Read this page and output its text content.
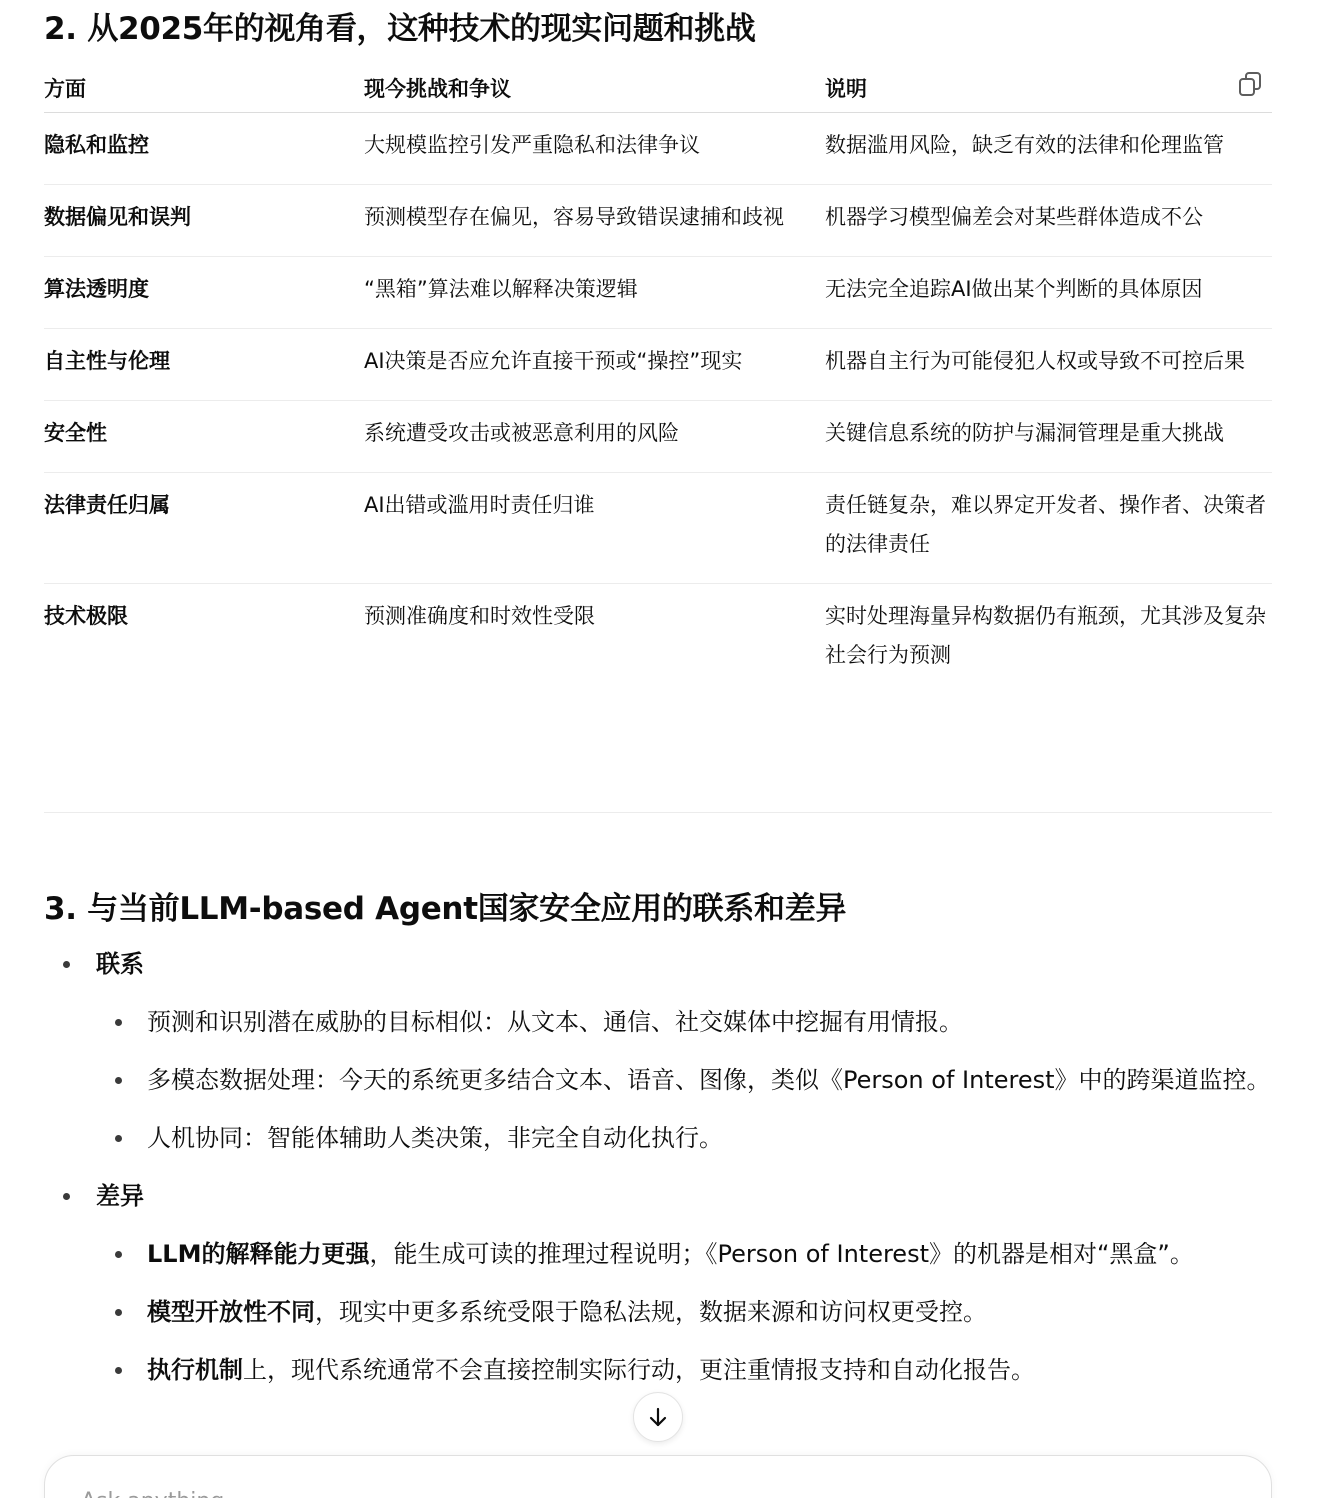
2. 从2025年的视角看，这种技术的现实问题和挑战
方面	现今挑战和争议	说明
隐私和监控	大规模监控引发严重隐私和法律争议	数据滥用风险，缺乏有效的法律和伦理监管
数据偏见和误判	预测模型存在偏见，容易导致错误逮捕和歧视	机器学习模型偏差会对某些群体造成不公
算法透明度	“黑箱”算法难以解释决策逻辑	无法完全追踪AI做出某个判断的具体原因
自主性与伦理	AI决策是否应允许直接干预或“操控”现实	机器自主行为可能侵犯人权或导致不可控后果
安全性	系统遭受攻击或被恶意利用的风险	关键信息系统的防护与漏洞管理是重大挑战
法律责任归属	AI出错或滥用时责任归谁	责任链复杂，难以界定开发者、操作者、决策者的法律责任
技术极限	预测准确度和时效性受限	实时处理海量异构数据仍有瓶颈，尤其涉及复杂社会行为预测
3. 与当前LLM-based Agent国家安全应用的联系和差异
联系
预测和识别潜在威胁的目标相似：从文本、通信、社交媒体中挖掘有用情报。
多模态数据处理：今天的系统更多结合文本、语音、图像，类似《Person of Interest》中的跨渠道监控。
人机协同：智能体辅助人类决策，非完全自动化执行。
差异
LLM的解释能力更强，能生成可读的推理过程说明；《Person of Interest》的机器是相对“黑盒”。
模型开放性不同，现实中更多系统受限于隐私法规，数据来源和访问权更受控。
执行机制上，现代系统通常不会直接控制实际行动，更注重情报支持和自动化报告。
Ask anything
